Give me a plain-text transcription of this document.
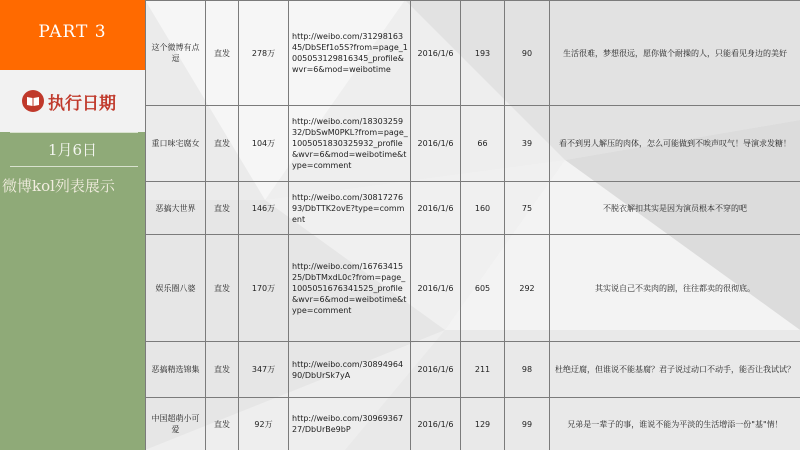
PART 3
执行日期
1月6日
微博kol列表展示
这个微博有点逗	直发	278万	http://weibo.com/3129816345/DbSEf1o5S?from=page_1005053129816345_profile&wvr=6&mod=weibotime	2016/1/6	193	90	生活很难，梦想很远，愿你做个耐操的人，只能看见身边的美好
重口味宅腐女	直发	104万	http://weibo.com/1830325932/DbSwM0PKL?from=page_1005051830325932_profile&wvr=6&mod=weibotime&type=comment	2016/1/6	66	39	看不到男人解压的肉体，怎么可能做到不唉声叹气！导演求发糖！
恶搞大世界	直发	146万	http://weibo.com/3081727693/DbTTK2ovE?type=comment	2016/1/6	160	75	不脱衣解扣其实是因为演员根本不穿的吧
娱乐圈八婆	直发	170万	http://weibo.com/1676341525/DbTMxdL0c?from=page_1005051676341525_profile&wvr=6&mod=weibotime&type=comment	2016/1/6	605	292	其实说自己不卖肉的剧，往往都卖的很彻底。
恶搞精选锦集	直发	347万	http://weibo.com/3089496490/DbUrSk7yA	2016/1/6	211	98	杜绝迂腐，但谁说不能基腐？君子说过动口不动手，能否让我试试？
中国超萌小可爱	直发	92万	http://weibo.com/3096936727/DbUrBe9bP	2016/1/6	129	99	兄弟是一辈子的事，谁说不能为平淡的生活增添一份"基"情！
